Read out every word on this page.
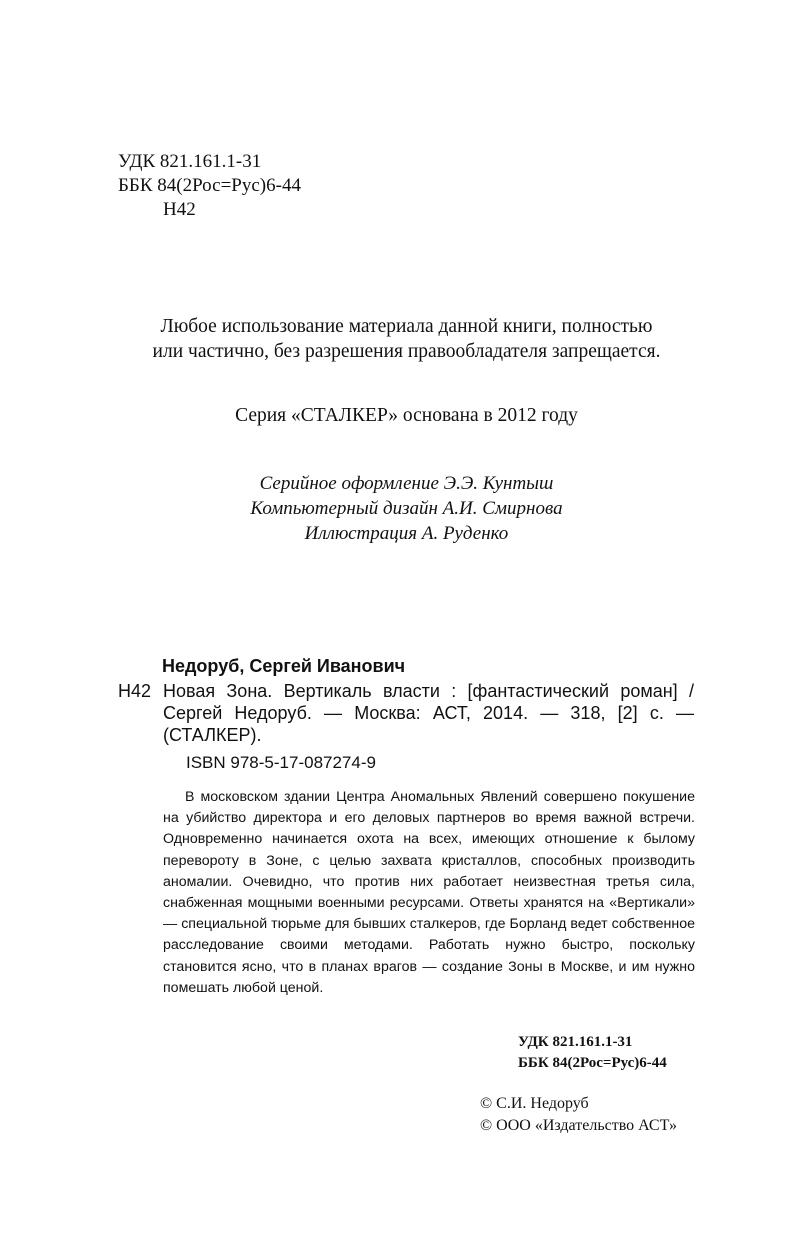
УДК 821.161.1-31
ББК 84(2Рос=Рус)6-44
Н42
Любое использование материала данной книги, полностью
или частично, без разрешения правообладателя запрещается.
Серия «СТАЛКЕР» основана в 2012 году
Серийное оформление Э.Э. Кунтыш
Компьютерный дизайн А.И. Смирнова
Иллюстрация А. Руденко
Недоруб, Сергей Иванович
Н42 Новая Зона. Вертикаль власти : [фантастический роман] / Сергей Недоруб. — Москва: АСТ, 2014. — 318, [2] с. — (СТАЛКЕР).
ISBN 978-5-17-087274-9

В московском здании Центра Аномальных Явлений совершено покушение на убийство директора и его деловых партнеров во время важной встречи. Одновременно начинается охота на всех, имеющих отношение к былому перевороту в Зоне, с целью захвата кристаллов, способных производить аномалии. Очевидно, что против них работает неизвестная третья сила, снабженная мощными военными ресурсами. Ответы хранятся на «Вертикали» — специальной тюрьме для бывших сталкеров, где Борланд ведет собственное расследование своими методами. Работать нужно быстро, поскольку становится ясно, что в планах врагов — создание Зоны в Москве, и им нужно помешать любой ценой.

УДК 821.161.1-31
ББК 84(2Рос=Рус)6-44
© С.И. Недоруб
© ООО «Издательство АСТ»
